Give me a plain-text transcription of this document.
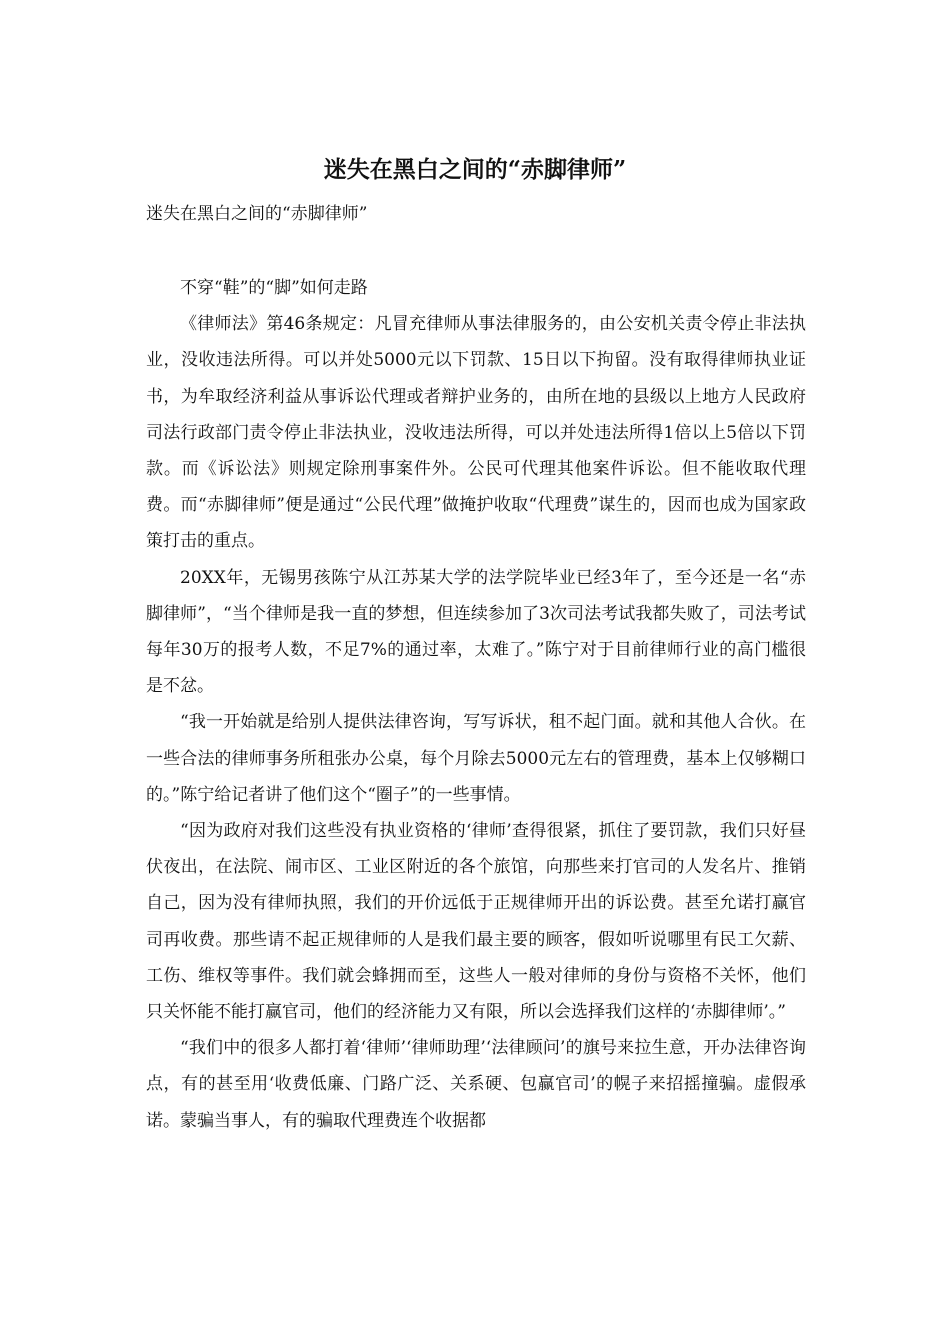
迷失在黑白之间的“赤脚律师”
迷失在黑白之间的“赤脚律师”

不穿“鞋”的“脚”如何走路

《律师法》第46条规定：凡冒充律师从事法律服务的，由公安机关责令停止非法执业，没收违法所得。可以并处5000元以下罚歀、15日以下拘留。没有取得律师执业证书，为牟取经济利益从事诉讼代理或者辩护业务的，由所在地的县级以上地方人民政府司法行政部门责令停止非法执业，没收违法所得，可以并处违法所得1倍以上5倍以下罚款。而《诉讼法》则规定除刑事案件外。公民可代理其他案件诉讼。但不能收取代理费。而“赤脚律师”便是通过“公民代理”做掩护收取“代理费”谋生的，因而也成为国家政策打击的重点。

20XX年，无锡男孩陈宁从江苏某大学的法学院毕业已经3年了，至今还是一名“赤脚律师”，“当个律师是我一直的梦想，但连续参加了3次司法考试我都失败了，司法考试每年30万的报考人数，不足7%的通过率，太难了。”陈宁对于目前律师行业的高门槛很是不忿。

“我一开始就是给别人提供法律咨询，写写诉状，租不起门面。就和其他人合伙。在一些合法的律师事务所租张办公桌，每个月除去5000元左右的管理费，基本上仅够糊口的。”陈宁给记者讲了他们这个“圈子”的一些事情。

“因为政府对我们这些没有执业资格的‘律师’查得很紧，抓住了要罚款，我们只好昼伏夜出，在法院、闹市区、工业区附近的各个旅馆，向那些来打官司的人发名片、推销自己，因为没有律师执照，我们的开价远低于正规律师开出的诉讼费。甚至允诺打赢官司再收费。那些请不起正规律师的人是我们最主要的顾客，假如听说哪里有民工欠薪、工伤、维权等事件。我们就会蜂拥而至，这些人一般对律师的身份与资格不关怀，他们只关怀能不能打赢官司，他们的经济能力又有限，所以会选择我们这样的‘赤脚律师’。”

“我们中的很多人都打着‘律师’‘律师助理’‘法律顾问’的旗号来拉生意，开办法律咨询点，有的甚至用‘收费低廉、门路广泛、关系硬、包赢官司’的幌子来招摇撞骗。虚假承诺。蒙骗当事人，有的骗取代理费连个收据都
